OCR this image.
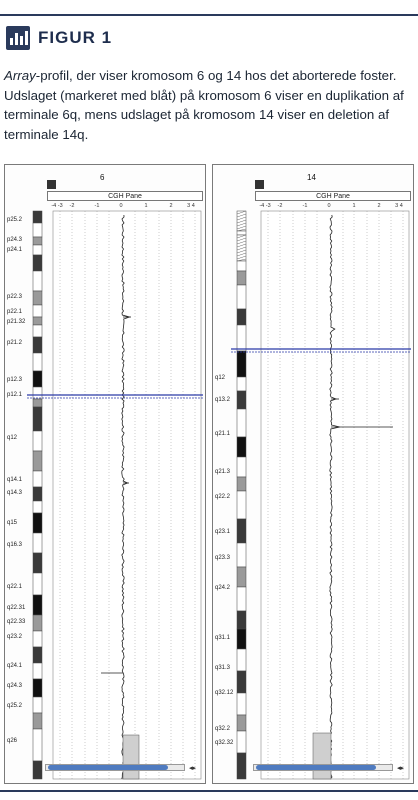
FIGUR 1
Array-profil, der viser kromosom 6 og 14 hos det aborterede foster. Udslaget (markeret med blåt) på kromosom 6 viser en duplikation af terminale 6q, mens udslaget på kromosom 14 viser en deletion af terminale 14q.
6
CGH Pane
-4 -3 -2	-1	0	1	2	3 4
p25.2
p24.3
p24.1
p22.3
p22.1
p21.32
p21.2
p12.3
p12.1
q12
q14.1
q14.3
q15
q16.3
q22.1
q22.31
q22.33
q23.2
q24.1
q24.3
q25.2
q26
◂▸
14
CGH Pane
-4 -3 -2	-1	0	1	2	3 4
q12
q13.2
q21.1
q21.3
q22.2
q23.1
q23.3
q24.2
q31.1
q31.3
q32.12
q32.2
q32.32
◂▸
